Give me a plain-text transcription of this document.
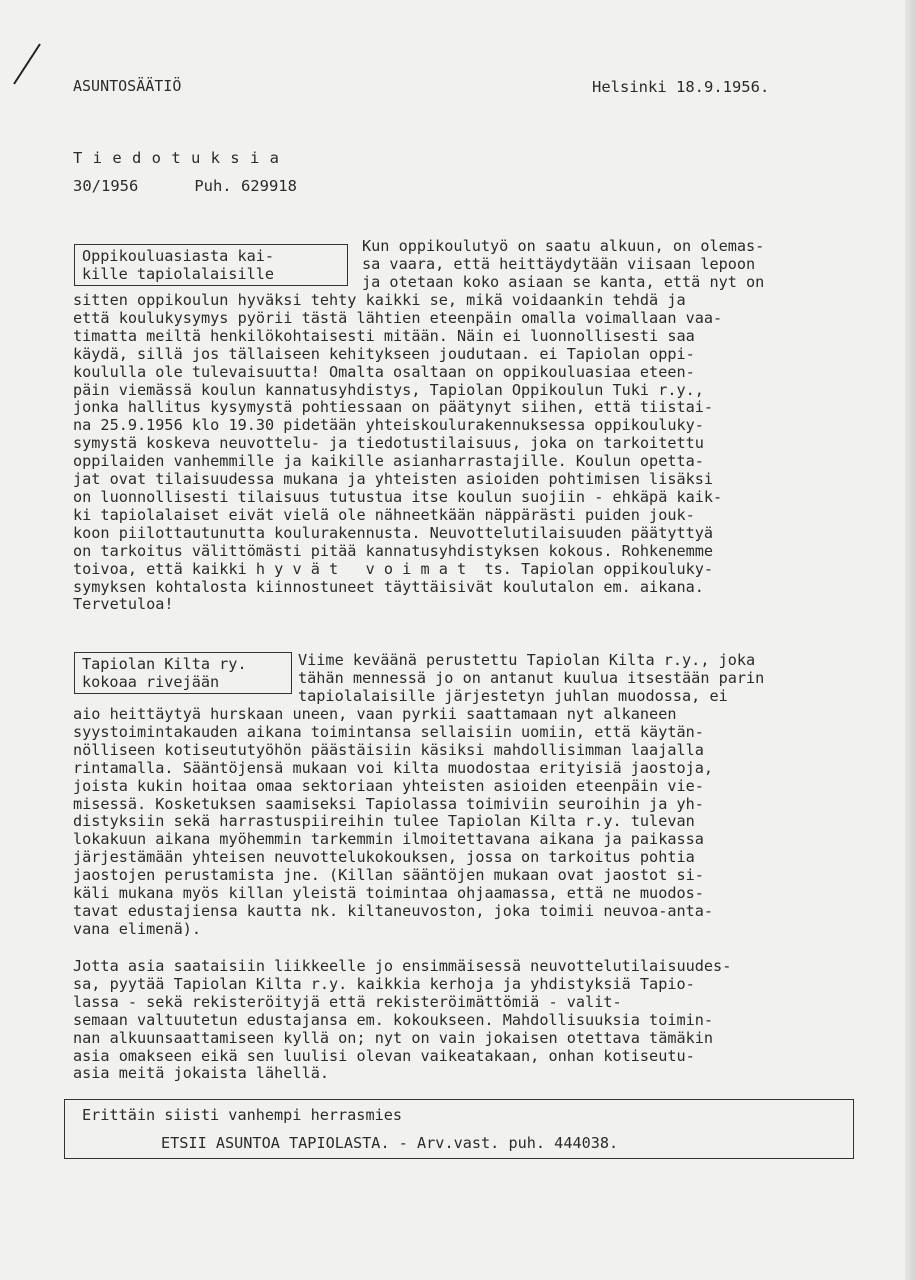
ASUNTOSÄÄTIÖ	Helsinki 18.9.1956.
T i e d o t u k s i a
30/1956      Puh. 629918
Oppikouluasiasta kai-
kille tapiolalaisille
Kun oppikoulutyö on saatu alkuun, on olemas-
sa vaara, että heittäydytään viisaan lepoon
ja otetaan koko asiaan se kanta, että nyt on
sitten oppikoulun hyväksi tehty kaikki se, mikä voidaankin tehdä ja
että koulukysymys pyörii tästä lähtien eteenpäin omalla voimallaan vaa-
timatta meiltä henkilökohtaisesti mitään. Näin ei luonnollisesti saa
käydä, sillä jos tällaiseen kehitykseen joudutaan. ei Tapiolan oppi-
koululla ole tulevaisuutta! Omalta osaltaan on oppikouluasiaa eteen-
päin viemässä koulun kannatusyhdistys, Tapiolan Oppikoulun Tuki r.y.,
jonka hallitus kysymystä pohtiessaan on päätynyt siihen, että tiistai-
na 25.9.1956 klo 19.30 pidetään yhteiskoulurakennuksessa oppikouluky-
symystä koskeva neuvottelu- ja tiedotustilaisuus, joka on tarkoitettu
oppilaiden vanhemmille ja kaikille asianharrastajille. Koulun opetta-
jat ovat tilaisuudessa mukana ja yhteisten asioiden pohtimisen lisäksi
on luonnollisesti tilaisuus tutustua itse koulun suojiin - ehkäpä kaik-
ki tapiolalaiset eivät vielä ole nähneetkään näppärästi puiden jouk-
koon piilottautunutta koulurakennusta. Neuvottelutilaisuuden päätyttyä
on tarkoitus välittömästi pitää kannatusyhdistyksen kokous. Rohkenemme
toivoa, että kaikki h y v ä t   v o i m a t  ts. Tapiolan oppikouluky-
symyksen kohtalosta kiinnostuneet täyttäisivät koulutalon em. aikana.
Tervetuloa!
Tapiolan Kilta ry.
kokoaa rivejään
Viime keväänä perustettu Tapiolan Kilta r.y., joka
tähän mennessä jo on antanut kuulua itsestään parin
tapiolalaisille järjestetyn juhlan muodossa, ei
aio heittäytyä hurskaan uneen, vaan pyrkii saattamaan nyt alkaneen
syystoimintakauden aikana toimintansa sellaisiin uomiin, että käytän-
nölliseen kotiseututyöhön päästäisiin käsiksi mahdollisimman laajalla
rintamalla. Sääntöjensä mukaan voi kilta muodostaa erityisiä jaostoja,
joista kukin hoitaa omaa sektoriaan yhteisten asioiden eteenpäin vie-
misessä. Kosketuksen saamiseksi Tapiolassa toimiviin seuroihin ja yh-
distyksiin sekä harrastuspiireihin tulee Tapiolan Kilta r.y. tulevan
lokakuun aikana myöhemmin tarkemmin ilmoitettavana aikana ja paikassa
järjestämään yhteisen neuvottelukokouksen, jossa on tarkoitus pohtia
jaostojen perustamista jne. (Killan sääntöjen mukaan ovat jaostot si-
käli mukana myös killan yleistä toimintaa ohjaamassa, että ne muodos-
tavat edustajiensa kautta nk. kiltaneuvoston, joka toimii neuvoa-anta-
vana elimenä).
Jotta asia saataisiin liikkeelle jo ensimmäisessä neuvottelutilaisuudes-
sa, pyytää Tapiolan Kilta r.y. kaikkia kerhoja ja yhdistyksiä Tapio-
lassa - sekä rekisteröityjä että rekisteröimättömiä - valit-
semaan valtuutetun edustajansa em. kokoukseen. Mahdollisuuksia toimin-
nan alkuunsaattamiseen kyllä on; nyt on vain jokaisen otettava tämäkin
asia omakseen eikä sen luulisi olevan vaikeatakaan, onhan kotiseutu-
asia meitä jokaista lähellä.
Erittäin siisti vanhempi herrasmies
ETSII ASUNTOA TAPIOLASTA. - Arv.vast. puh. 444038.
